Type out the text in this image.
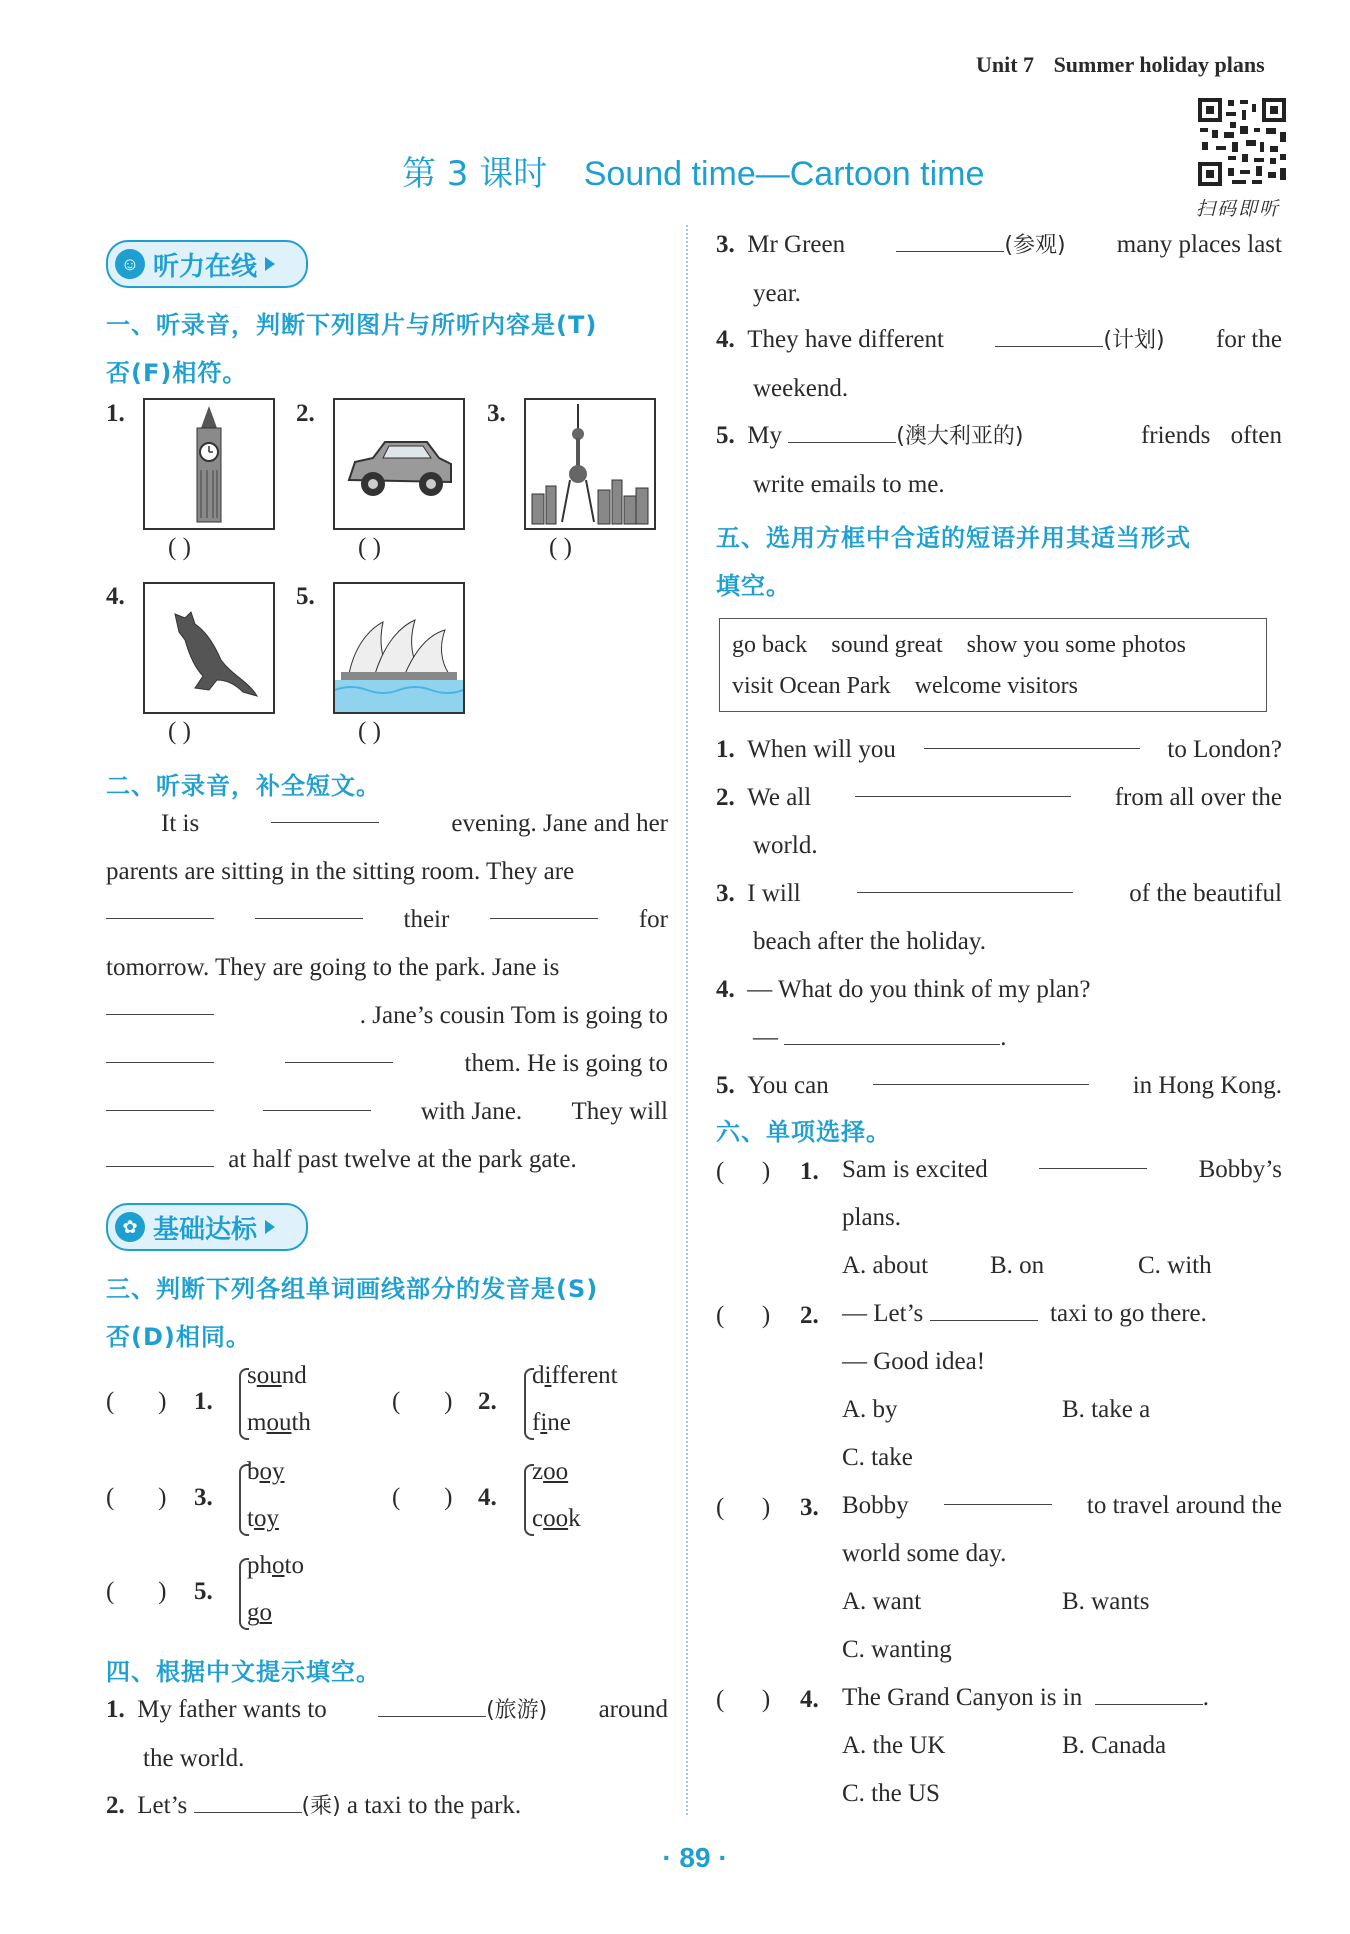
Unit 7 Summer holiday plans
扫码即听
第 3 课时 Sound time—Cartoon time
☺ 听力在线
一、听录音，判断下列图片与所听内容是(T)
否(F)相符。
1.
( )
2.
( )
3.
( )
4.
( )
5.
( )
二、听录音，补全短文。
It is	evening. Jane and her
parents are sitting in the sitting room. They are
their	for
tomorrow. They are going to the park. Jane is
. Jane’s cousin Tom is going to
them. He is going to
with Jane. They will
at half past twelve at the park gate.
✿ 基础达标
三、判断下列各组单词画线部分的发音是(S)
否(D)相同。
(       ) 1.
sound
mouth
(       ) 2.
different
fine
(       ) 3.
boy
toy
(       ) 4.
zoo
cook
(       ) 5.
photo
go
四、根据中文提示填空。
1. My father wants to	(旅游) around
the world.
2. Let’s	(乘) a taxi to the park.
3. Mr Green	(参观) many places last
year.
4. They have different	(计划) for the
weekend.
5. My	(澳大利亚的)	friends often
write emails to me.
五、选用方框中合适的短语并用其适当形式
填空。
go back    sound great    show you some photos
visit Ocean Park    welcome visitors
1. When will you	to London?
2. We all	from all over the
world.
3. I will	of the beautiful
beach after the holiday.
4. — What do you think of my plan?
—	.
5. You can	in Hong Kong.
六、单项选择。
(      ) 1. Sam is excited	Bobby’s
plans.
A. about B. on	C. with
(      ) 2. — Let’s	taxi to go there.
— Good idea!
A. by	B. take a
C. take
(      ) 3. Bobby	to travel around the
world some day.
A. want	B. wants
C. wanting
(      ) 4. The Grand Canyon is in	.
A. the UK	B. Canada
C. the US
· 89 ·
